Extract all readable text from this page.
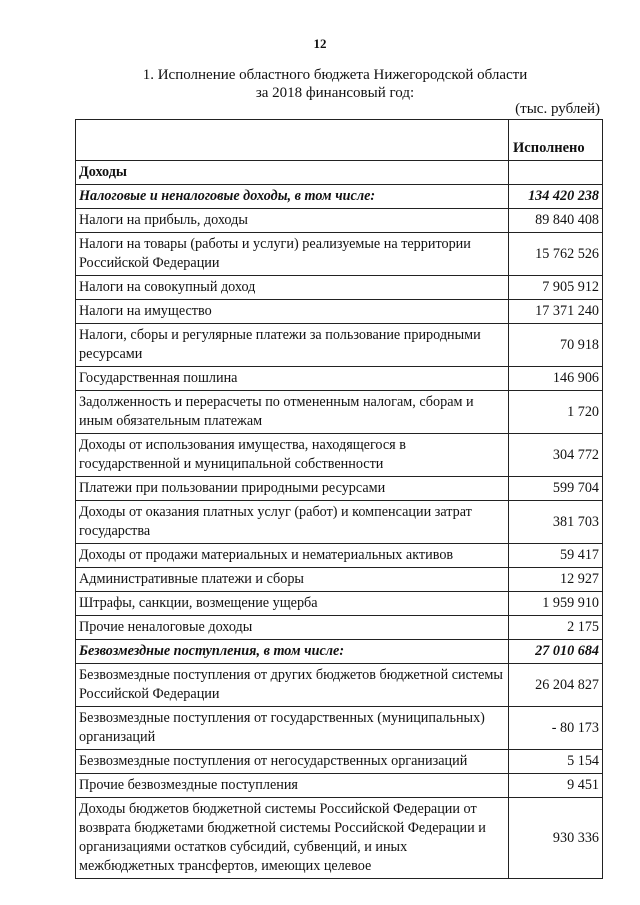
12
1. Исполнение областного бюджета Нижегородской области
за 2018 финансовый год:
(тыс. рублей)
	Исполнено
Доходы	
Налоговые и неналоговые доходы, в том числе:	134 420 238
Налоги на прибыль, доходы	89 840 408
Налоги на товары (работы и услуги) реализуемые на территории Российской Федерации	15 762 526
Налоги на совокупный доход	7 905 912
Налоги на имущество	17 371 240
Налоги, сборы и регулярные платежи за пользование природными ресурсами	70 918
Государственная пошлина	146 906
Задолженность и перерасчеты по отмененным налогам, сборам и иным обязательным платежам	1 720
Доходы от использования имущества, находящегося в государственной и муниципальной собственности	304 772
Платежи при пользовании природными ресурсами	599 704
Доходы от оказания платных услуг (работ) и компенсации затрат государства	381 703
Доходы от продажи материальных и нематериальных активов	59 417
Административные платежи и сборы	12 927
Штрафы, санкции, возмещение ущерба	1 959 910
Прочие неналоговые доходы	2 175
Безвозмездные поступления, в том числе:	27 010 684
Безвозмездные поступления от других бюджетов бюджетной системы Российской Федерации	26 204 827
Безвозмездные поступления от государственных (муниципальных) организаций	- 80 173
Безвозмездные поступления от негосударственных организаций	5 154
Прочие безвозмездные поступления	9 451
Доходы бюджетов бюджетной системы Российской Федерации от возврата бюджетами бюджетной системы Российской Федерации и организациями остатков субсидий, субвенций, и иных межбюджетных трансфертов, имеющих целевое	930 336
